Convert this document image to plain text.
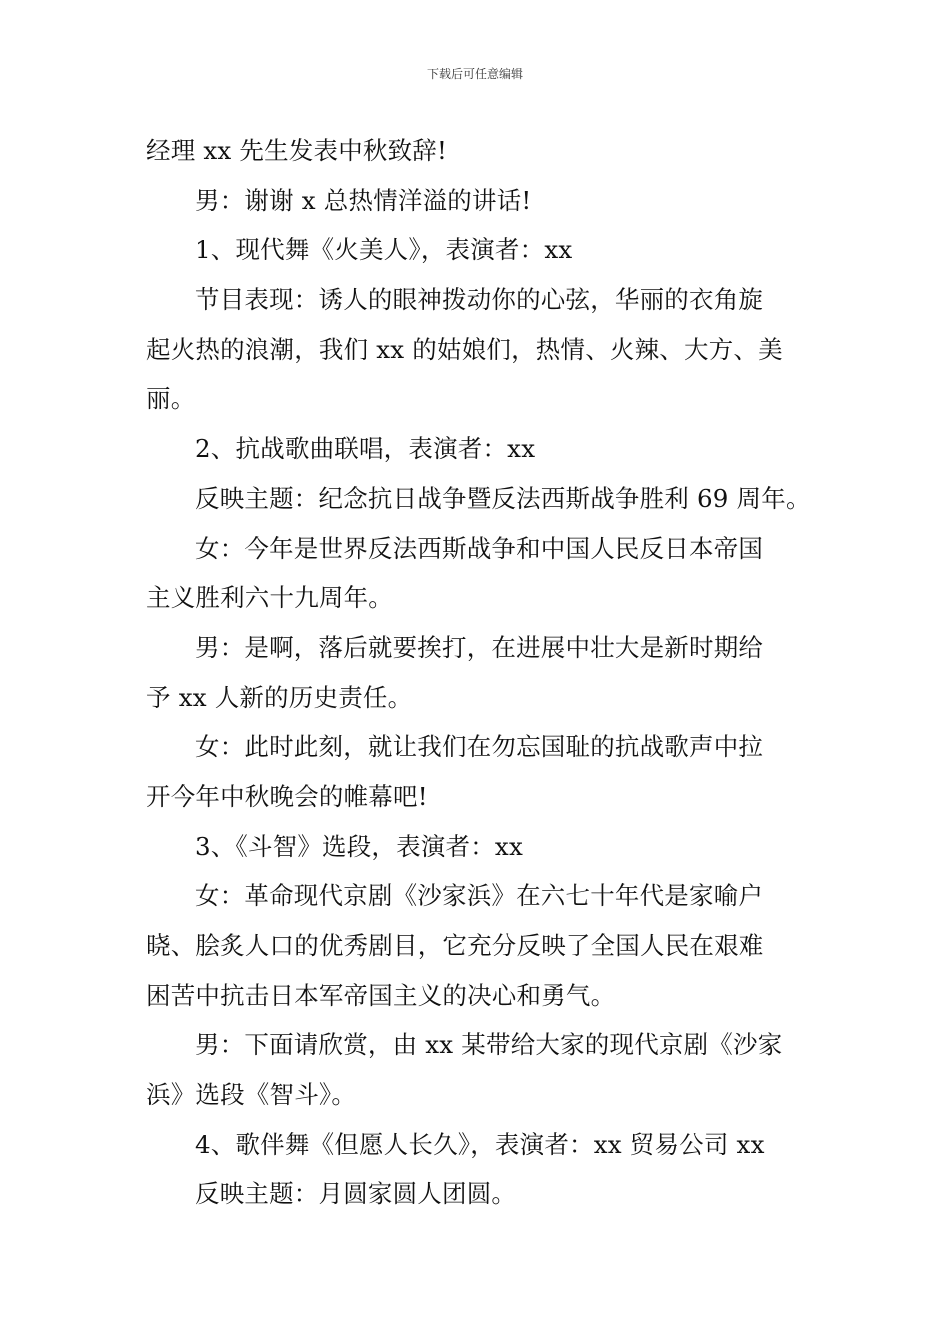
下载后可任意编辑
经理 xx 先生发表中秋致辞!
男：谢谢 x 总热情洋溢的讲话!
1、现代舞《火美人》，表演者：xx
节目表现：诱人的眼神拨动你的心弦，华丽的衣角旋
起火热的浪潮，我们 xx 的姑娘们，热情、火辣、大方、美
丽。
2、抗战歌曲联唱，表演者：xx
反映主题：纪念抗日战争暨反法西斯战争胜利 69 周年。
女：今年是世界反法西斯战争和中国人民反日本帝国
主义胜利六十九周年。
男：是啊，落后就要挨打，在进展中壮大是新时期给
予 xx 人新的历史责任。
女：此时此刻，就让我们在勿忘国耻的抗战歌声中拉
开今年中秋晚会的帷幕吧!
3、《斗智》选段，表演者：xx
女：革命现代京剧《沙家浜》在六七十年代是家喻户
晓、脍炙人口的优秀剧目，它充分反映了全国人民在艰难
困苦中抗击日本军帝国主义的决心和勇气。
男：下面请欣赏，由 xx 某带给大家的现代京剧《沙家
浜》选段《智斗》。
4、歌伴舞《但愿人长久》，表演者：xx 贸易公司 xx
反映主题：月圆家圆人团圆。
